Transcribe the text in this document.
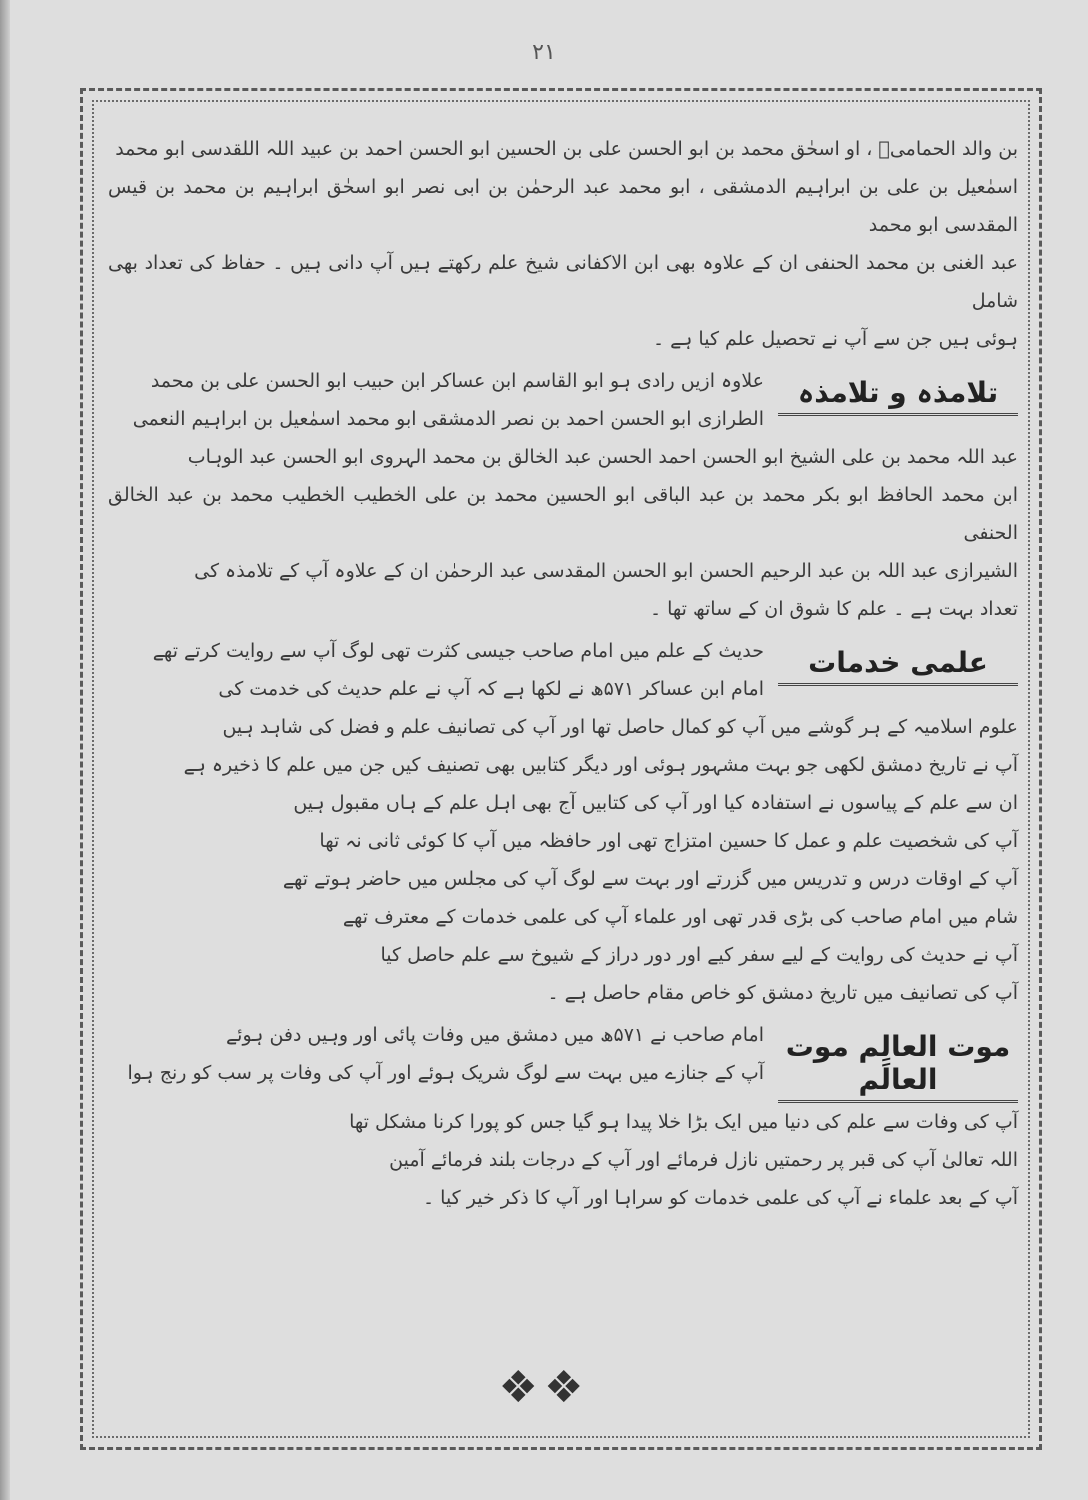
۲۱

بن والد الحمامیؒ ، او اسحٰق محمد بن ابو الحسن علی بن الحسین ابو الحسن احمد بن عبید اللہ اللقدسی ابو محمد

اسمٰعیل بن علی بن ابراہیم الدمشقی ، ابو محمد عبد الرحمٰن بن ابی نصر ابو اسحٰق ابراہیم بن محمد بن قیس المقدسی ابو محمد

عبد الغنی بن محمد الحنفی ان کے علاوہ بھی ابن الاکفانی شیخ علم رکھتے ہیں آپ دانی ہیں ۔ حفاظ کی تعداد بھی شامل

ہوئی ہیں جن سے آپ نے تحصیل علم کیا ہے ۔

تلامذہ و تلامذہ
علاوہ ازیں رادی ہو ابو القاسم ابن عساکر ابن حبیب ابو الحسن علی بن محمد
الطرازی ابو الحسن احمد بن نصر الدمشقی ابو محمد اسمٰعیل بن ابراہیم النعمی

عبد اللہ محمد بن علی الشیخ ابو الحسن احمد الحسن عبد الخالق بن محمد الہروی ابو الحسن عبد الوہاب

ابن محمد الحافظ ابو بکر محمد بن عبد الباقی ابو الحسین محمد بن علی الخطیب الخطیب محمد بن عبد الخالق الحنفی

الشیرازی عبد اللہ بن عبد الرحیم الحسن ابو الحسن المقدسی عبد الرحمٰن ان کے علاوہ آپ کے تلامذہ کی

تعداد بہت ہے ۔ علم کا شوق ان کے ساتھ تھا ۔

علمی خدمات
حدیث کے علم میں امام صاحب جیسی کثرت تھی لوگ آپ سے روایت کرتے تھے
امام ابن عساکر ۵۷۱ھ نے لکھا ہے کہ آپ نے علم حدیث کی خدمت کی

علوم اسلامیہ کے ہر گوشے میں آپ کو کمال حاصل تھا اور آپ کی تصانیف علم و فضل کی شاہد ہیں

آپ نے تاریخ دمشق لکھی جو بہت مشہور ہوئی اور دیگر کتابیں بھی تصنیف کیں جن میں علم کا ذخیرہ ہے

ان سے علم کے پیاسوں نے استفادہ کیا اور آپ کی کتابیں آج بھی اہل علم کے ہاں مقبول ہیں

آپ کی شخصیت علم و عمل کا حسین امتزاج تھی اور حافظہ میں آپ کا کوئی ثانی نہ تھا

آپ کے اوقات درس و تدریس میں گزرتے اور بہت سے لوگ آپ کی مجلس میں حاضر ہوتے تھے

شام میں امام صاحب کی بڑی قدر تھی اور علماء آپ کی علمی خدمات کے معترف تھے

آپ نے حدیث کی روایت کے لیے سفر کیے اور دور دراز کے شیوخ سے علم حاصل کیا

آپ کی تصانیف میں تاریخ دمشق کو خاص مقام حاصل ہے ۔

موت العالِم موت العالَم
امام صاحب نے ۵۷۱ھ میں دمشق میں وفات پائی اور وہیں دفن ہوئے
آپ کے جنازے میں بہت سے لوگ شریک ہوئے اور آپ کی وفات پر سب کو رنج ہوا

آپ کی وفات سے علم کی دنیا میں ایک بڑا خلا پیدا ہو گیا جس کو پورا کرنا مشکل تھا

اللہ تعالیٰ آپ کی قبر پر رحمتیں نازل فرمائے اور آپ کے درجات بلند فرمائے آمین

آپ کے بعد علماء نے آپ کی علمی خدمات کو سراہا اور آپ کا ذکر خیر کیا ۔

❖❖
